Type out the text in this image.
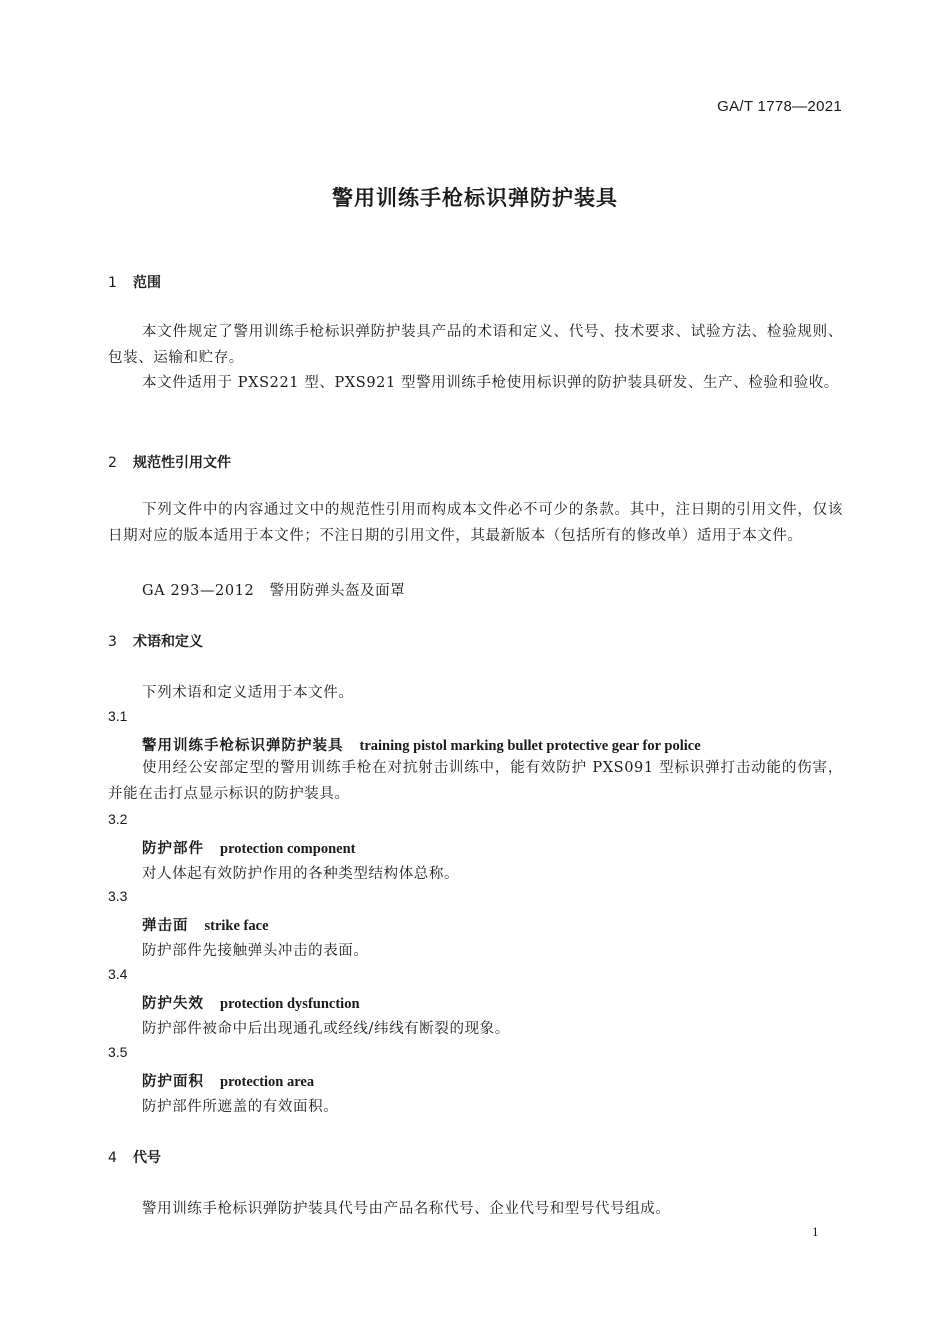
GA/T 1778—2021
警用训练手枪标识弹防护装具
1 范围
本文件规定了警用训练手枪标识弹防护装具产品的术语和定义、代号、技术要求、试验方法、检验规则、包装、运输和贮存。
本文件适用于 PXS221 型、PXS921 型警用训练手枪使用标识弹的防护装具研发、生产、检验和验收。
2 规范性引用文件
下列文件中的内容通过文中的规范性引用而构成本文件必不可少的条款。其中，注日期的引用文件，仅该日期对应的版本适用于本文件；不注日期的引用文件，其最新版本（包括所有的修改单）适用于本文件。
GA 293—2012　警用防弹头盔及面罩
3 术语和定义
下列术语和定义适用于本文件。
3.1
警用训练手枪标识弹防护装具 training pistol marking bullet protective gear for police
使用经公安部定型的警用训练手枪在对抗射击训练中，能有效防护 PXS091 型标识弹打击动能的伤害，并能在击打点显示标识的防护装具。
3.2
防护部件 protection component
对人体起有效防护作用的各种类型结构体总称。
3.3
弹击面 strike face
防护部件先接触弹头冲击的表面。
3.4
防护失效 protection dysfunction
防护部件被命中后出现通孔或经线/纬线有断裂的现象。
3.5
防护面积 protection area
防护部件所遮盖的有效面积。
4 代号
警用训练手枪标识弹防护装具代号由产品名称代号、企业代号和型号代号组成。
1
